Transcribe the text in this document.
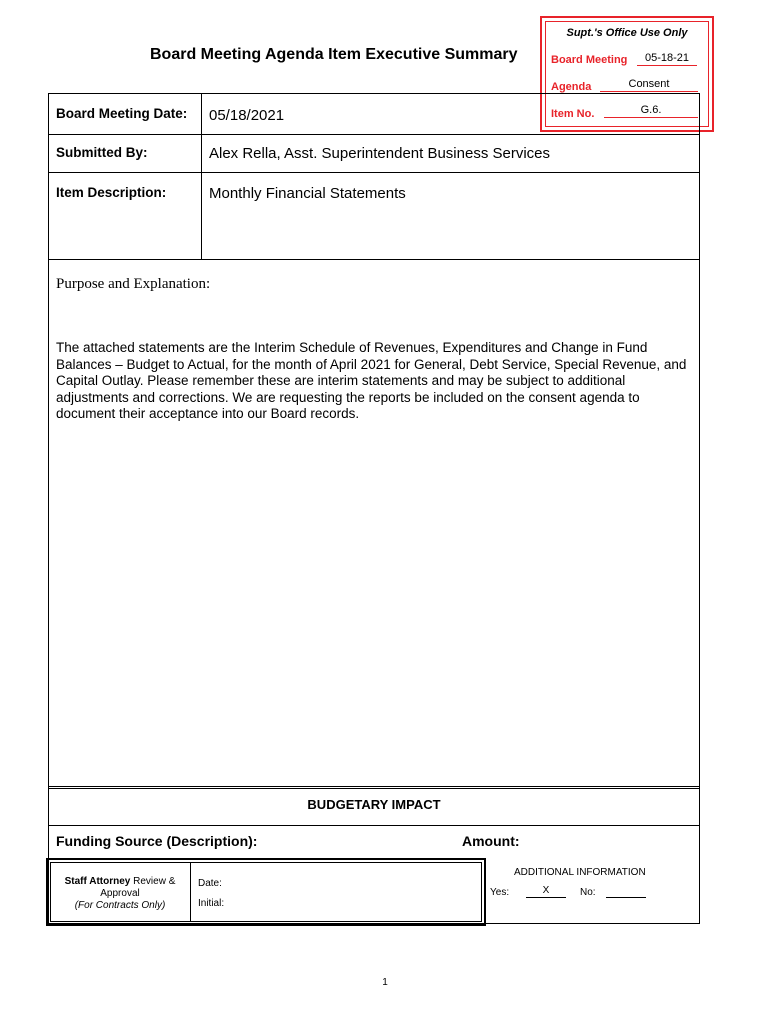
Supt.'s Office Use Only
Board Meeting	05-18-21
Agenda	Consent
Item No.	G.6.
Board Meeting Agenda Item Executive Summary
Board Meeting Date: 05/18/2021
Submitted By:	Alex Rella, Asst. Superintendent Business Services
Item Description:	Monthly Financial Statements
Purpose and Explanation:
The attached statements are the Interim Schedule of Revenues, Expenditures and Change in Fund Balances – Budget to Actual, for the month of April 2021 for General, Debt Service, Special Revenue, and Capital Outlay. Please remember these are interim statements and may be subject to additional adjustments and corrections. We are requesting the reports be included on the consent agenda to document their acceptance into our Board records.
BUDGETARY IMPACT
Funding Source (Description):	Amount:
Staff Attorney Review &
Approval
(For Contracts Only)
Date:
Initial:
ADDITIONAL INFORMATION
Yes:	X	No:
1
